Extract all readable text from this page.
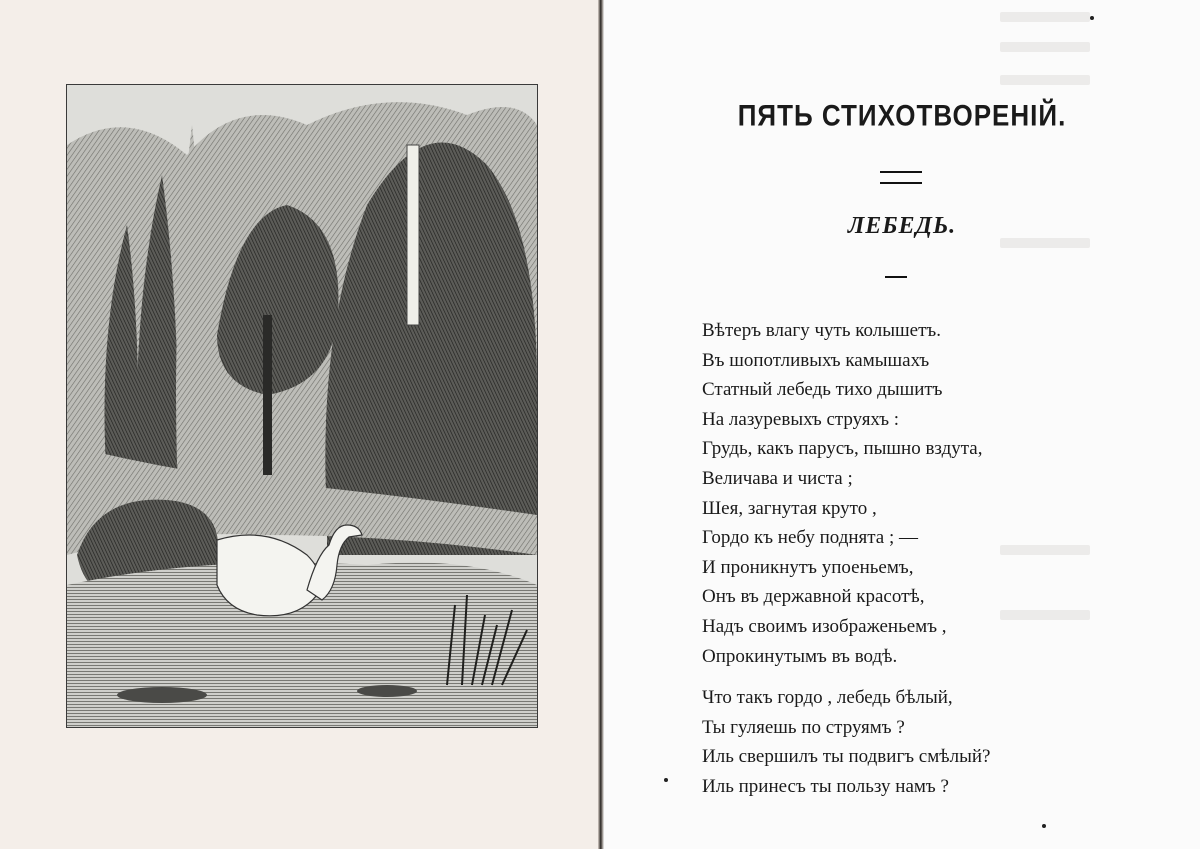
ПЯТЬ СТИХОТВОРЕНIЙ.
ЛЕБЕДЬ.
Вѣтеръ влагу чуть колышетъ.
Въ шопотливыхъ камышахъ
Статный лебедь тихо дышитъ
На лазуревыхъ струяхъ :
Грудь, какъ парусъ, пышно вздута,
Величава и чиста ;
Шея, загнутая круто ,
Гордо къ небу поднята ; —
И проникнутъ упоеньемъ,
Онъ въ державной красотѣ,
Надъ своимъ изображеньемъ ,
Опрокинутымъ въ водѣ.
Что такъ гордо , лебедь бѣлый,
Ты гуляешь по струямъ ?
Иль свершилъ ты подвигъ смѣлый?
Иль принесъ ты пользу намъ ?
